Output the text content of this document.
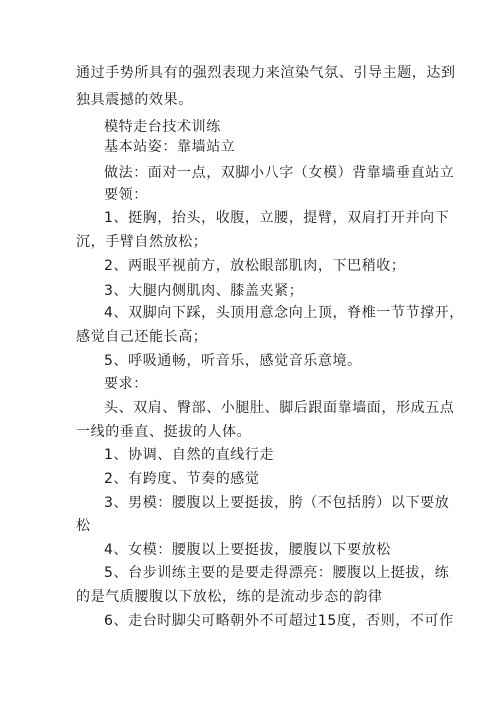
通过手势所具有的强烈表现力来渲染气氛、引导主题，达到
独具震撼的效果。
模特走台技术训练
基本站姿：靠墙站立
做法：面对一点，双脚小八字（女模）背靠墙垂直站立
要领：
1、挺胸，抬头，收腹，立腰，提臂，双肩打开并向下
沉，手臂自然放松；
2、两眼平视前方，放松眼部肌肉，下巴稍收；
3、大腿内侧肌肉、膝盖夹紧；
4、双脚向下踩，头顶用意念向上顶，脊椎一节节撑开，
感觉自己还能长高；
5、呼吸通畅，听音乐，感觉音乐意境。
要求：
头、双肩、臀部、小腿肚、脚后跟面靠墙面，形成五点
一线的垂直、挺拔的人体。
1、协调、自然的直线行走
2、有跨度、节奏的感觉
3、男模：腰腹以上要挺拔，胯（不包括胯）以下要放
松
4、女模：腰腹以上要挺拔，腰腹以下要放松
5、台步训练主要的是要走得漂亮：腰腹以上挺拔，练
的是气质腰腹以下放松，练的是流动步态的韵律
6、走台时脚尖可略朝外不可超过15度，否则，不可作
